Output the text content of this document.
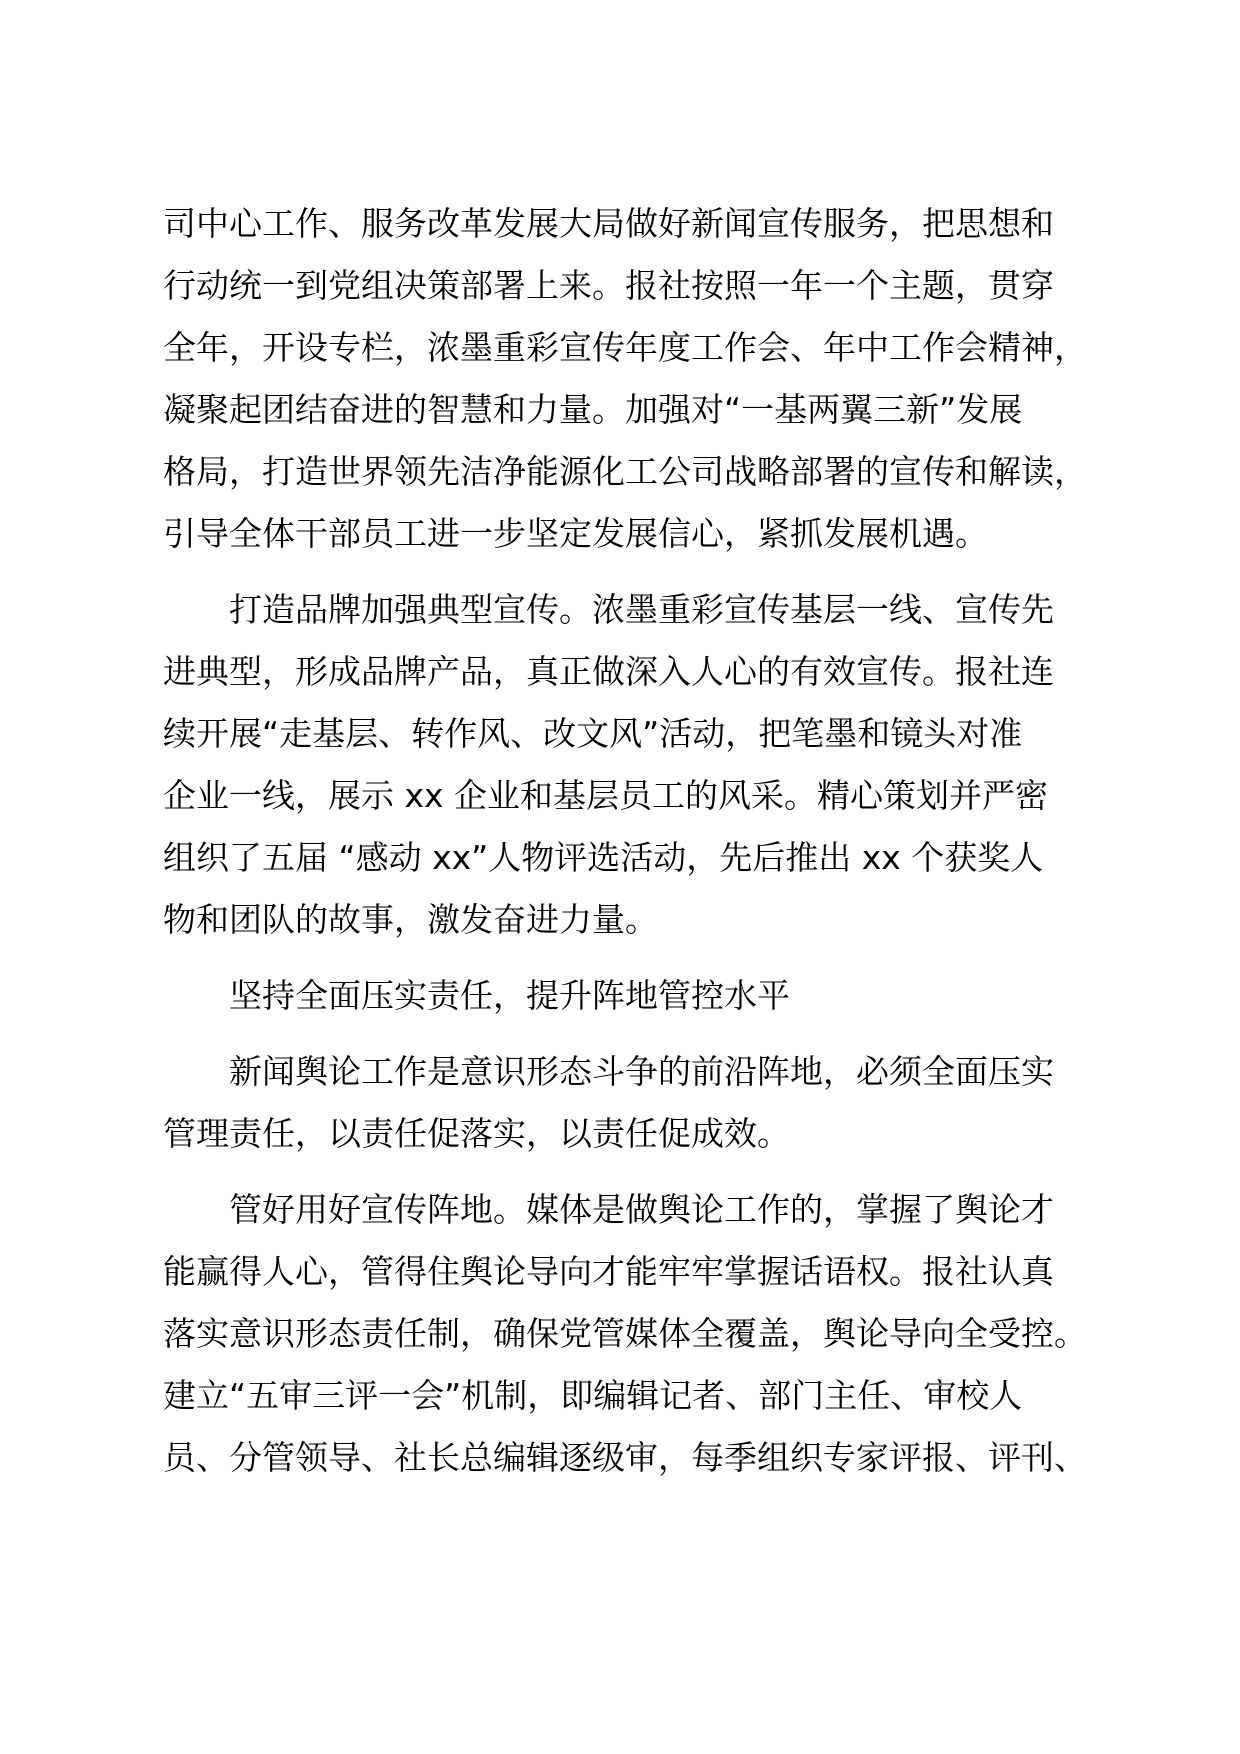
司中心工作、服务改革发展大局做好新闻宣传服务，把思想和
行动统一到党组决策部署上来。报社按照一年一个主题，贯穿
全年，开设专栏，浓墨重彩宣传年度工作会、年中工作会精神，
凝聚起团结奋进的智慧和力量。加强对“一基两翼三新”发展
格局，打造世界领先洁净能源化工公司战略部署的宣传和解读，
引导全体干部员工进一步坚定发展信心，紧抓发展机遇。
打造品牌加强典型宣传。浓墨重彩宣传基层一线、宣传先
进典型，形成品牌产品，真正做深入人心的有效宣传。报社连
续开展“走基层、转作风、改文风”活动，把笔墨和镜头对准
企业一线，展示 xx 企业和基层员工的风采。精心策划并严密
组织了五届 “感动 xx”人物评选活动，先后推出 xx 个获奖人
物和团队的故事，激发奋进力量。
坚持全面压实责任，提升阵地管控水平
新闻舆论工作是意识形态斗争的前沿阵地，必须全面压实
管理责任，以责任促落实，以责任促成效。
管好用好宣传阵地。媒体是做舆论工作的，掌握了舆论才
能赢得人心，管得住舆论导向才能牢牢掌握话语权。报社认真
落实意识形态责任制，确保党管媒体全覆盖，舆论导向全受控。
建立“五审三评一会”机制，即编辑记者、部门主任、审校人
员、分管领导、社长总编辑逐级审，每季组织专家评报、评刊、
